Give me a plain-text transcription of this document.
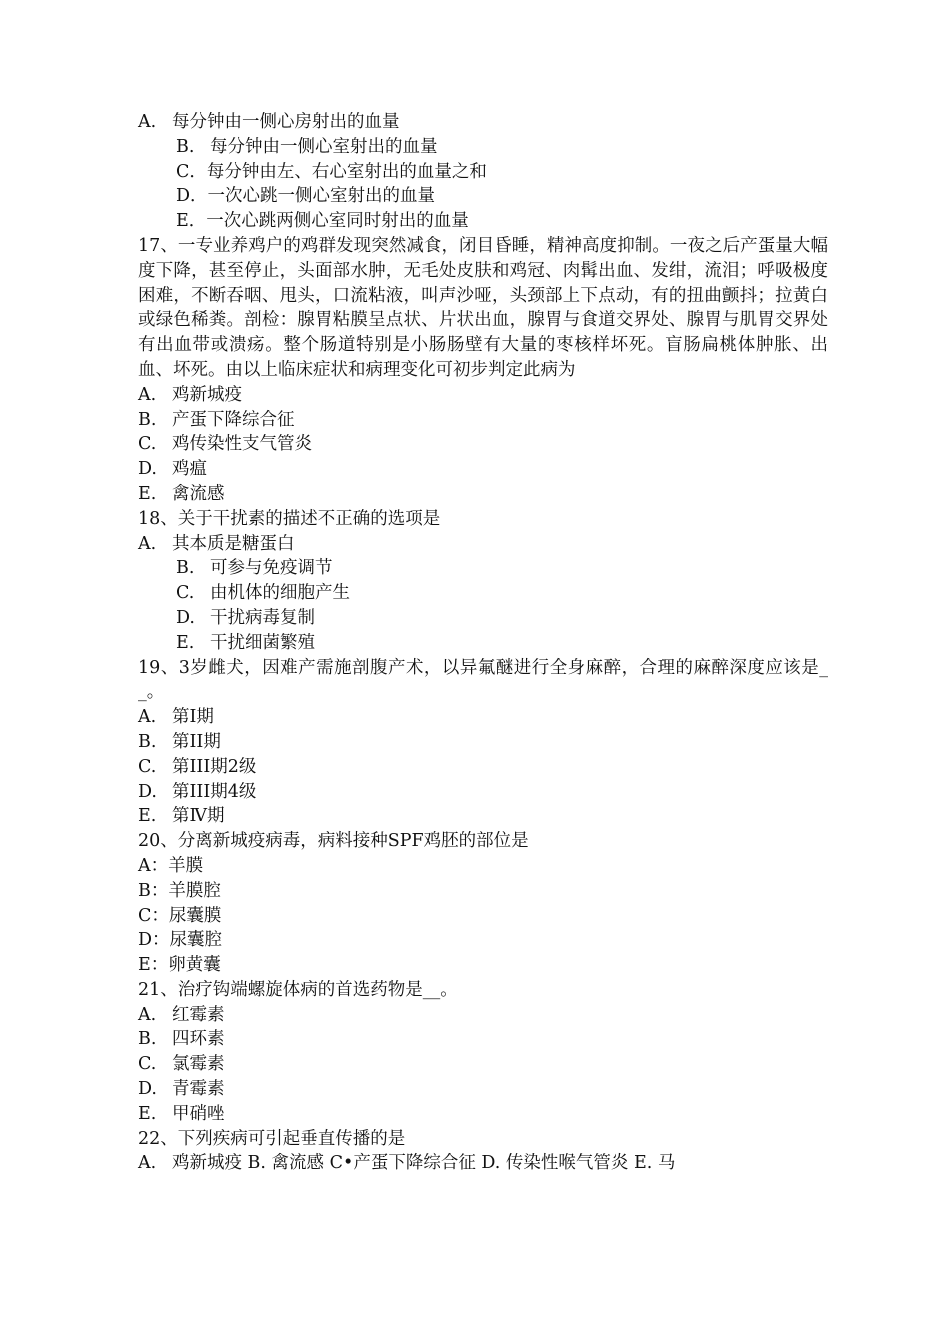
A. 每分钟由一侧心房射出的血量
B. 每分钟由一侧心室射出的血量
C．每分钟由左、右心室射出的血量之和
D．一次心跳一侧心室射出的血量
E．一次心跳两侧心室同时射出的血量
17、一专业养鸡户的鸡群发现突然减食，闭目昏睡，精神高度抑制。一夜之后产蛋量大幅度下降，甚至停止，头面部水肿，无毛处皮肤和鸡冠、肉髯出血、发绀，流泪；呼吸极度困难，不断吞咽、甩头，口流粘液，叫声沙哑，头颈部上下点动，有的扭曲颤抖；拉黄白或绿色稀粪。剖检：腺胃粘膜呈点状、片状出血，腺胃与食道交界处、腺胃与肌胃交界处有出血带或溃疡。整个肠道特别是小肠肠壁有大量的枣核样坏死。盲肠扁桃体肿胀、出血、坏死。由以上临床症状和病理变化可初步判定此病为
A. 鸡新城疫
B. 产蛋下降综合征
C. 鸡传染性支气管炎
D. 鸡瘟
E. 禽流感
18、关于干扰素的描述不正确的选项是
A. 其本质是糖蛋白
B. 可参与免疫调节
C. 由机体的细胞产生
D. 干扰病毒复制
E. 干扰细菌繁殖
19、3岁雌犬，因难产需施剖腹产术，以异氟醚进行全身麻醉，合理的麻醉深度应该是__。
A. 第Ⅰ期
B. 第II期
C. 第III期2级
D. 第III期4级
E. 第Ⅳ期
20、分离新城疫病毒，病料接种SPF鸡胚的部位是
A：羊膜
B：羊膜腔
C：尿囊膜
D：尿囊腔
E：卵黄囊
21、治疗钩端螺旋体病的首选药物是__。
A. 红霉素
B. 四环素
C. 氯霉素
D. 青霉素
E. 甲硝唑
22、下列疾病可引起垂直传播的是
A. 鸡新城疫 B. 禽流感 C•产蛋下降综合征 D. 传染性喉气管炎 E. 马
